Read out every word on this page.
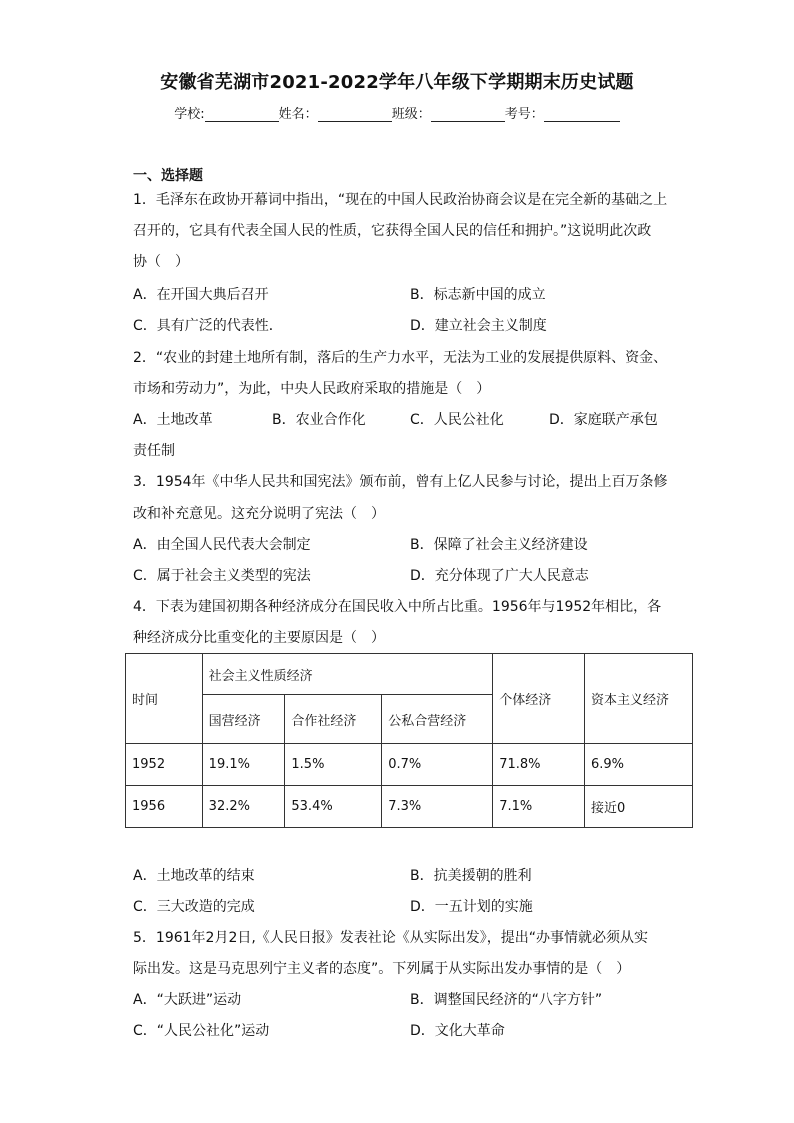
安徽省芜湖市2021-2022学年八年级下学期期末历史试题
学校:	姓名：	班级：	考号：
一、选择题
1．毛泽东在政协开幕词中指出，“现在的中国人民政治协商会议是在完全新的基础之上
召开的，它具有代表全国人民的性质，它获得全国人民的信任和拥护。”这说明此次政
协（　）
A．在开国大典后召开	B．标志新中国的成立
C．具有广泛的代表性．	D．建立社会主义制度
2．“农业的封建土地所有制，落后的生产力水平，无法为工业的发展提供原料、资金、
市场和劳动力”，为此，中央人民政府采取的措施是（　）
A．土地改革	B．农业合作化	C．人民公社化	D．家庭联产承包
责任制
3．1954年《中华人民共和国宪法》颁布前，曾有上亿人民参与讨论，提出上百万条修
改和补充意见。这充分说明了宪法（　）
A．由全国人民代表大会制定	B．保障了社会主义经济建设
C．属于社会主义类型的宪法	D．充分体现了广大人民意志
4．下表为建国初期各种经济成分在国民收入中所占比重。1956年与1952年相比，各
种经济成分比重变化的主要原因是（　）
时间	社会主义性质经济			个体经济	资本主义经济
	国营经济	合作社经济	公私合营经济		
1952	19.1%	1.5%	0.7%	71.8%	6.9%
1956	32.2%	53.4%	7.3%	7.1%	接近0
A．土地改革的结束	B．抗美援朝的胜利
C．三大改造的完成	D．一五计划的实施
5．1961年2月2日,《人民日报》发表社论《从实际出发》，提出“办事情就必须从实
际出发。这是马克思列宁主义者的态度”。下列属于从实际出发办事情的是（　）
A．“大跃进”运动	B．调整国民经济的“八字方针”
C．“人民公社化”运动	D．文化大革命
